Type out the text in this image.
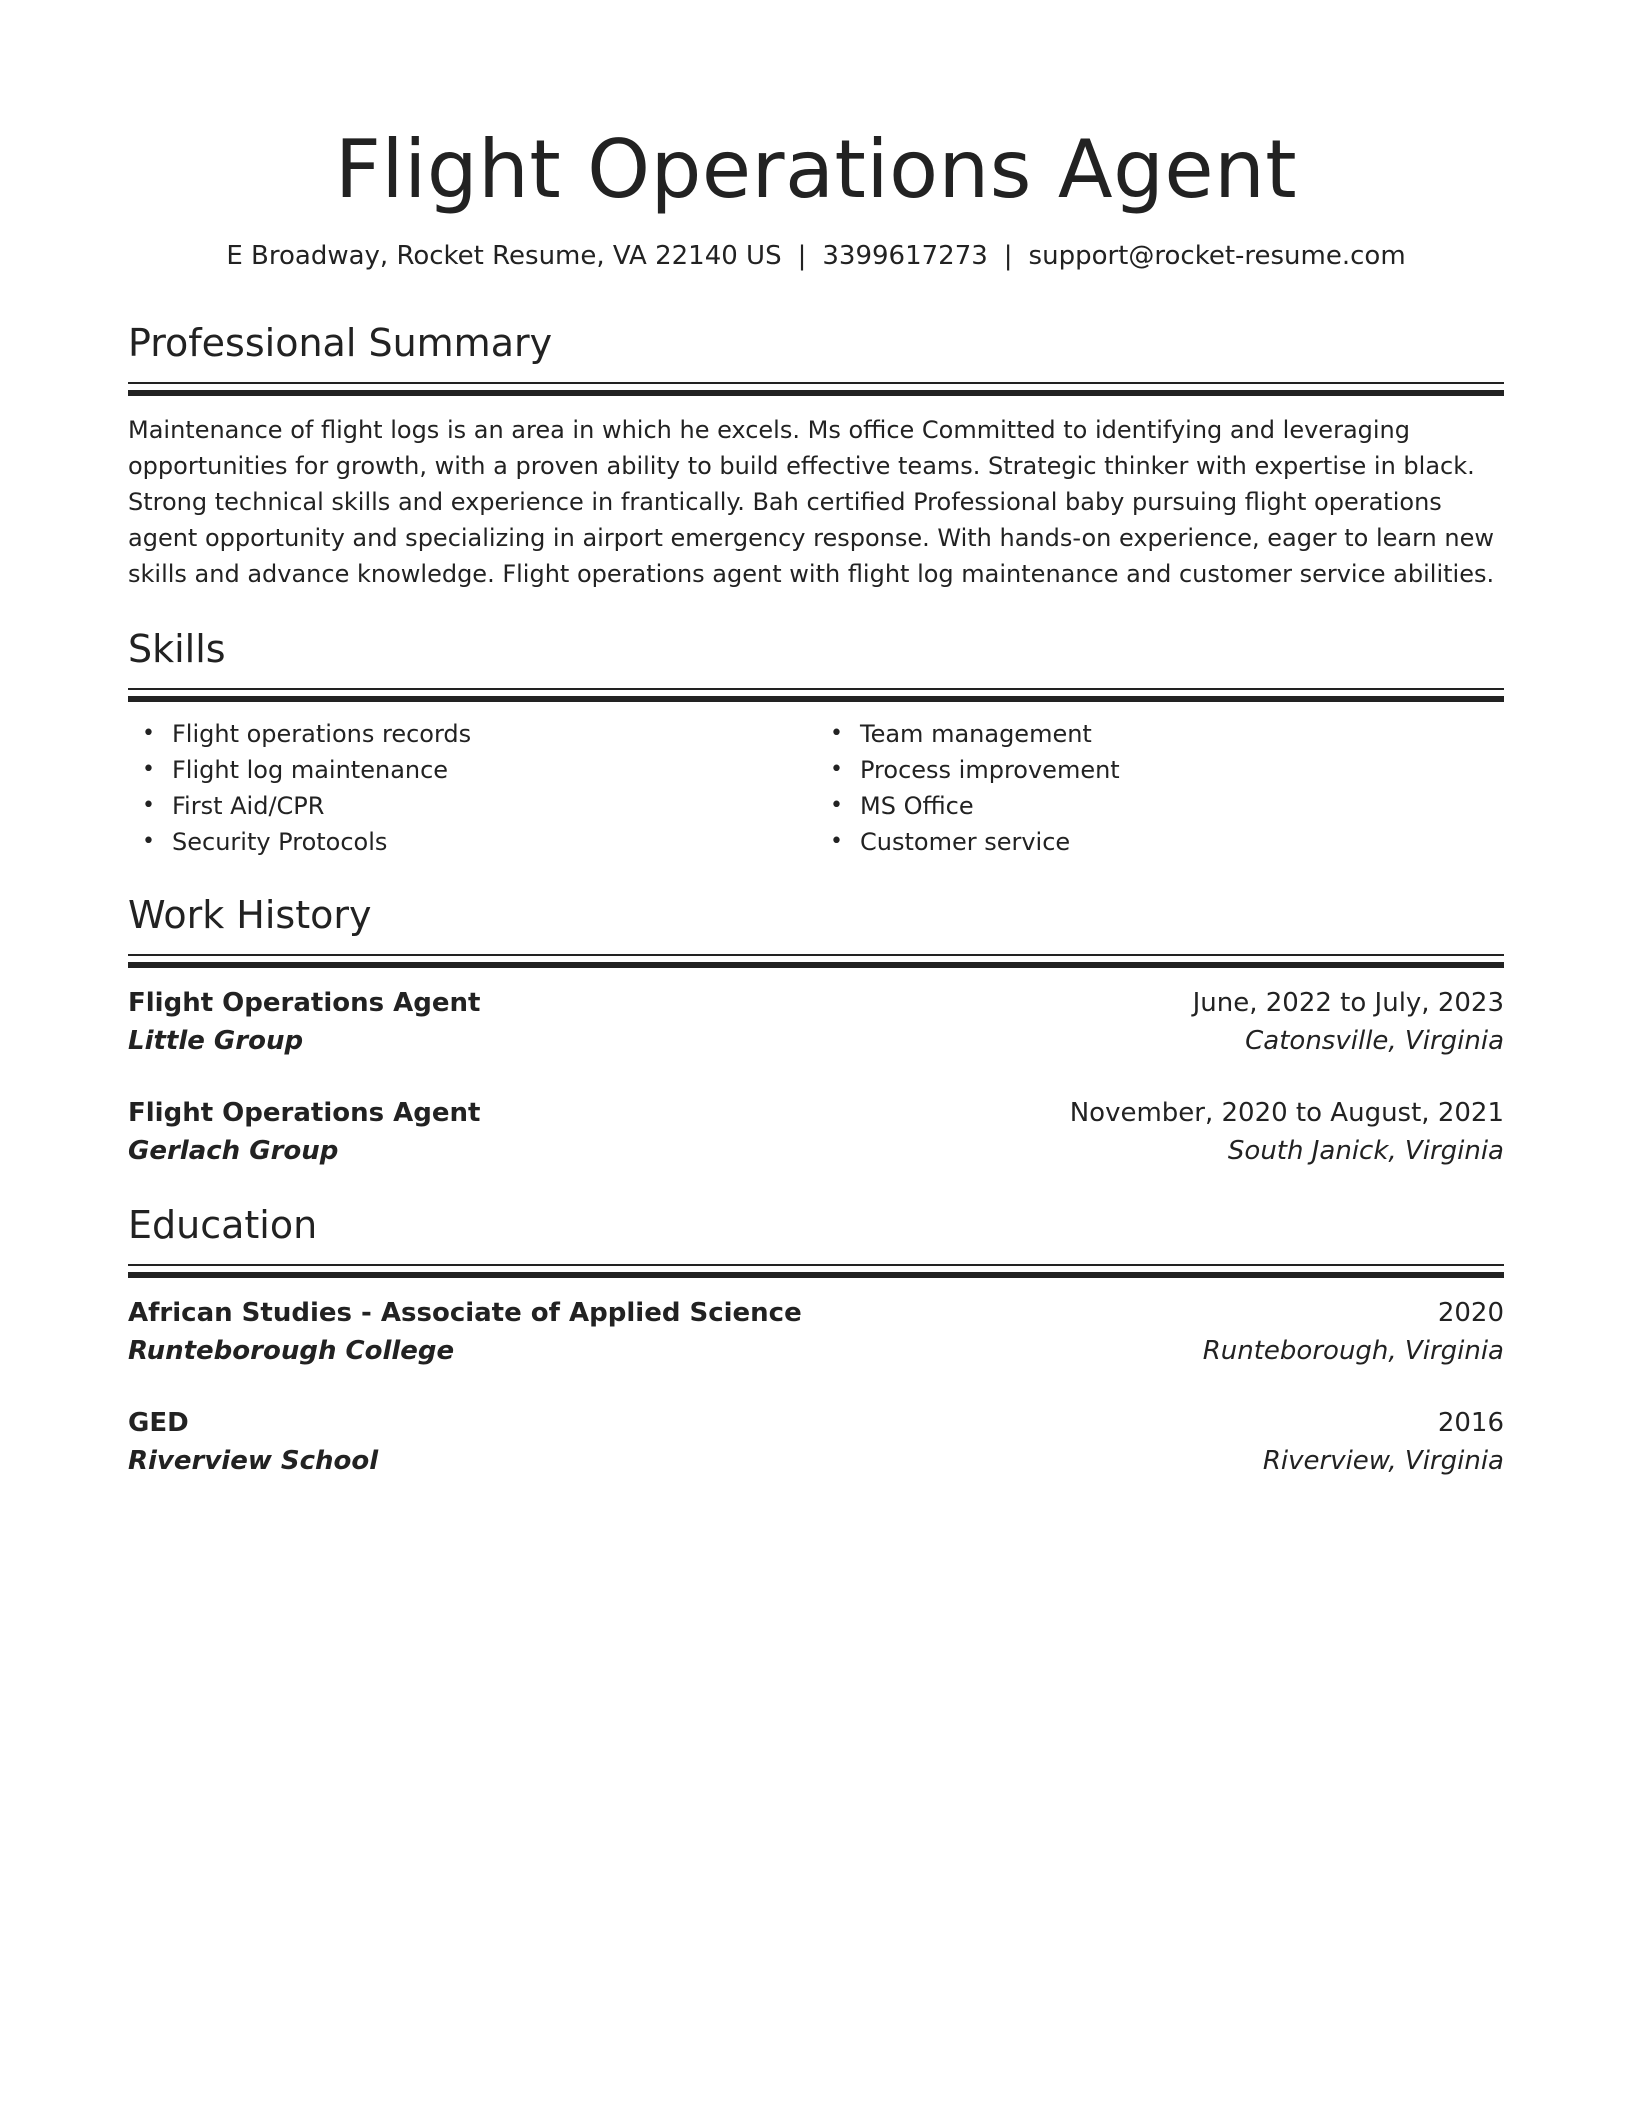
Flight Operations Agent
E Broadway, Rocket Resume, VA 22140 US | 3399617273 | support@rocket-resume.com
Professional Summary

Maintenance of flight logs is an area in which he excels. Ms office Committed to identifying and leveraging opportunities for growth, with a proven ability to build effective teams. Strategic thinker with expertise in black. Strong technical skills and experience in frantically. Bah certified Professional baby pursuing flight operations agent opportunity and specializing in airport emergency response. With hands-on experience, eager to learn new skills and advance knowledge. Flight operations agent with flight log maintenance and customer service abilities.

Skills
• Flight operations records
• Flight log maintenance
• First Aid/CPR
• Security Protocols
• Team management
• Process improvement
• MS Office
• Customer service
Work History
Flight Operations Agent	June, 2022 to July, 2023
Little Group	Catonsville, Virginia
Flight Operations Agent	November, 2020 to August, 2021
Gerlach Group	South Janick, Virginia
Education
African Studies - Associate of Applied Science	2020
Runteborough College	Runteborough, Virginia
GED	2016
Riverview School	Riverview, Virginia
